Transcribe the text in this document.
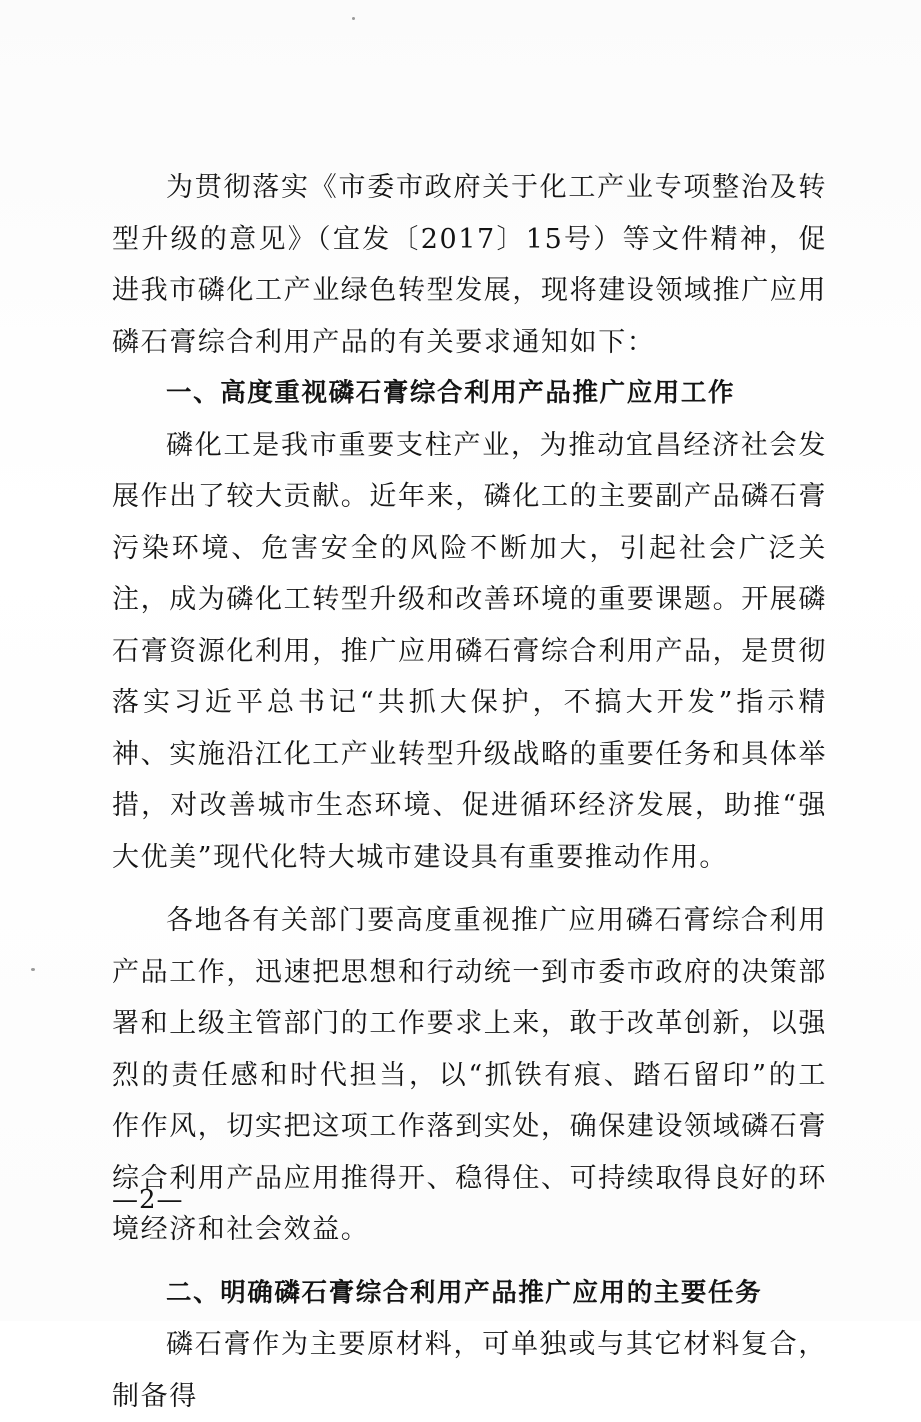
为贯彻落实《市委市政府关于化工产业专项整治及转型升级的意见》（宜发〔2017〕15号）等文件精神，促进我市磷化工产业绿色转型发展，现将建设领域推广应用磷石膏综合利用产品的有关要求通知如下：

一、高度重视磷石膏综合利用产品推广应用工作

磷化工是我市重要支柱产业，为推动宜昌经济社会发展作出了较大贡献。近年来，磷化工的主要副产品磷石膏污染环境、危害安全的风险不断加大，引起社会广泛关注，成为磷化工转型升级和改善环境的重要课题。开展磷石膏资源化利用，推广应用磷石膏综合利用产品，是贯彻落实习近平总书记“共抓大保护，不搞大开发”指示精神、实施沿江化工产业转型升级战略的重要任务和具体举措，对改善城市生态环境、促进循环经济发展，助推“强大优美”现代化特大城市建设具有重要推动作用。

各地各有关部门要高度重视推广应用磷石膏综合利用产品工作，迅速把思想和行动统一到市委市政府的决策部署和上级主管部门的工作要求上来，敢于改革创新，以强烈的责任感和时代担当，以“抓铁有痕、踏石留印”的工作作风，切实把这项工作落到实处，确保建设领域磷石膏综合利用产品应用推得开、稳得住、可持续取得良好的环境经济和社会效益。

二、明确磷石膏综合利用产品推广应用的主要任务

磷石膏作为主要原材料，可单独或与其它材料复合，制备得

—2—
